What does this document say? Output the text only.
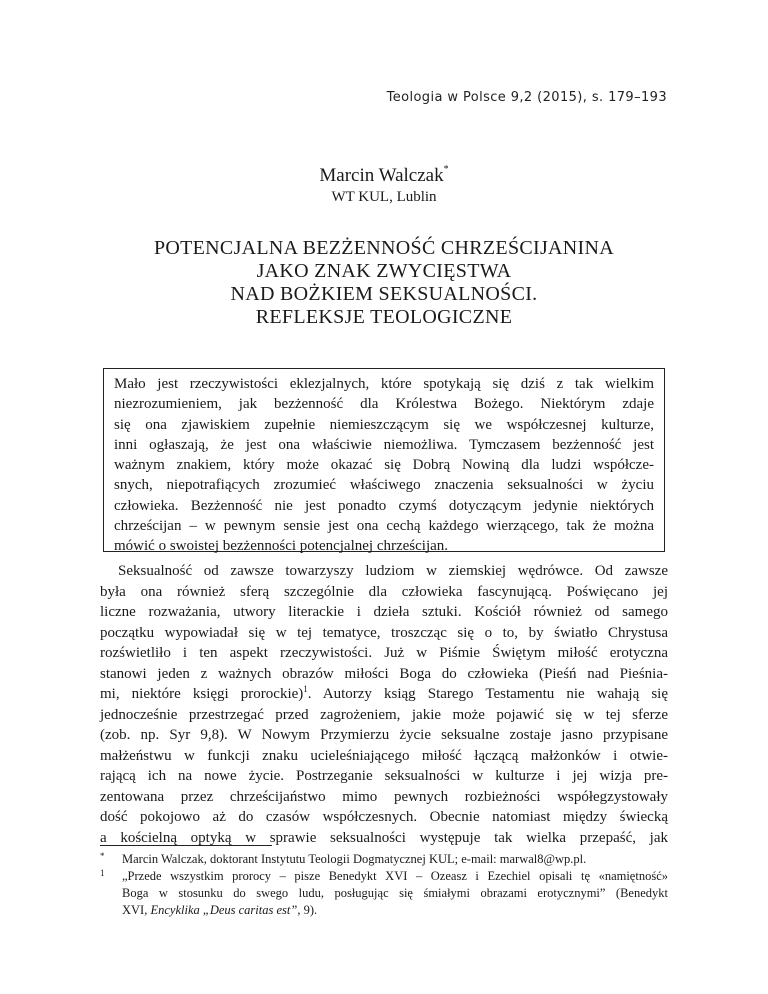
Teologia w Polsce 9,2 (2015), s. 179–193
Marcin Walczak*
WT KUL, Lublin
POTENCJALNA BEZŻENNOŚĆ CHRZEŚCIJANINA
JAKO ZNAK ZWYCIĘSTWA
NAD BOŻKIEM SEKSUALNOŚCI.
REFLEKSJE TEOLOGICZNE
Mało jest rzeczywistości eklezjalnych, które spotykają się dziś z tak wielkim
niezrozumieniem, jak bezżenność dla Królestwa Bożego. Niektórym zdaje
się ona zjawiskiem zupełnie niemieszczącym się we współczesnej kulturze,
inni ogłaszają, że jest ona właściwie niemożliwa. Tymczasem bezżenność jest
ważnym znakiem, który może okazać się Dobrą Nowiną dla ludzi współcze-
snych, niepotrafiących zrozumieć właściwego znaczenia seksualności w życiu
człowieka. Bezżenność nie jest ponadto czymś dotyczącym jedynie niektórych
chrześcijan – w pewnym sensie jest ona cechą każdego wierzącego, tak że można
mówić o swoistej bezżenności potencjalnej chrześcijan.
Seksualność od zawsze towarzyszy ludziom w ziemskiej wędrówce. Od zawsze
była ona również sferą szczególnie dla człowieka fascynującą. Poświęcano jej
liczne rozważania, utwory literackie i dzieła sztuki. Kościół również od samego
początku wypowiadał się w tej tematyce, troszcząc się o to, by światło Chrystusa
rozświetliło i ten aspekt rzeczywistości. Już w Piśmie Świętym miłość erotyczna
stanowi jeden z ważnych obrazów miłości Boga do człowieka (Pieśń nad Pieśnia-
mi, niektóre księgi prorockie)$^1$. Autorzy ksiąg Starego Testamentu nie wahają się
jednocześnie przestrzegać przed zagrożeniem, jakie może pojawić się w tej sferze
(zob. np. Syr 9,8). W Nowym Przymierzu życie seksualne zostaje jasno przypisane
małżeństwu w funkcji znaku ucieleśniającego miłość łączącą małżonków i otwie-
rającą ich na nowe życie. Postrzeganie seksualności w kulturze i jej wizja pre-
zentowana przez chrześcijaństwo mimo pewnych rozbieżności współegzystowały
dość pokojowo aż do czasów współczesnych. Obecnie natomiast między świecką
a kościelną optyką w sprawie seksualności występuje tak wielka przepaść, jak
* Marcin Walczak, doktorant Instytutu Teologii Dogmatycznej KUL; e-mail: marwal8@wp.pl.
1 „Przede wszystkim prorocy – pisze Benedykt XVI – Ozeasz i Ezechiel opisali tę «namiętność»
Boga w stosunku do swego ludu, posługując się śmiałymi obrazami erotycznymi” (Benedykt
XVI, Encyklika „Deus caritas est”, 9).
